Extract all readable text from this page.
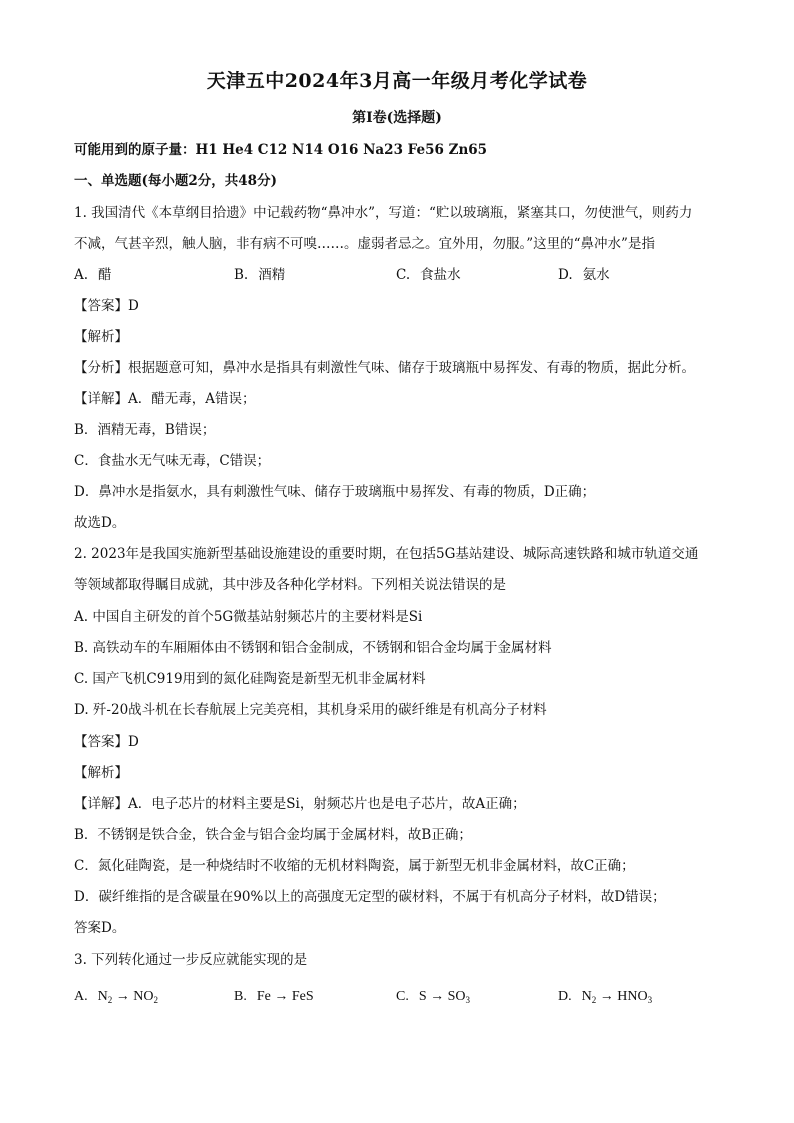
天津五中2024年3月高一年级月考化学试卷
第Ⅰ卷(选择题)
可能用到的原子量：H1 He4 C12 N14 O16 Na23 Fe56 Zn65
一、单选题(每小题2分，共48分)
1. 我国清代《本草纲目拾遗》中记载药物“鼻冲水”，写道：“贮以玻璃瓶，紧塞其口，勿使泄气，则药力
不减，气甚辛烈，触人脑，非有病不可嗅……。虚弱者忌之。宜外用，勿服。”这里的“鼻冲水”是指
A. 醋	B. 酒精	C. 食盐水	D. 氨水
【答案】D
【解析】
【分析】根据题意可知，鼻冲水是指具有刺激性气味、储存于玻璃瓶中易挥发、有毒的物质，据此分析。
【详解】A．醋无毒，A错误；
B．酒精无毒，B错误；
C．食盐水无气味无毒，C错误；
D．鼻冲水是指氨水，具有刺激性气味、储存于玻璃瓶中易挥发、有毒的物质，D正确；
故选D。
2. 2023年是我国实施新型基础设施建设的重要时期，在包括5G基站建设、城际高速铁路和城市轨道交通
等领域都取得瞩目成就，其中涉及各种化学材料。下列相关说法错误的是
A. 中国自主研发的首个5G微基站射频芯片的主要材料是Si
B. 高铁动车的车厢厢体由不锈钢和铝合金制成，不锈钢和铝合金均属于金属材料
C. 国产飞机C919用到的氮化硅陶瓷是新型无机非金属材料
D. 歼-20战斗机在长春航展上完美亮相，其机身采用的碳纤维是有机高分子材料
【答案】D
【解析】
【详解】A．电子芯片的材料主要是Si，射频芯片也是电子芯片，故A正确；
B．不锈钢是铁合金，铁合金与铝合金均属于金属材料，故B正确；
C．氮化硅陶瓷，是一种烧结时不收缩的无机材料陶瓷，属于新型无机非金属材料，故C正确；
D．碳纤维指的是含碳量在90%以上的高强度无定型的碳材料，不属于有机高分子材料，故D错误；
答案D。
3. 下列转化通过一步反应就能实现的是
A. $N_2 \to NO_2$	B. Fe → FeS	C. $S \to SO_3$	D. $N_2 \to HNO_3$
